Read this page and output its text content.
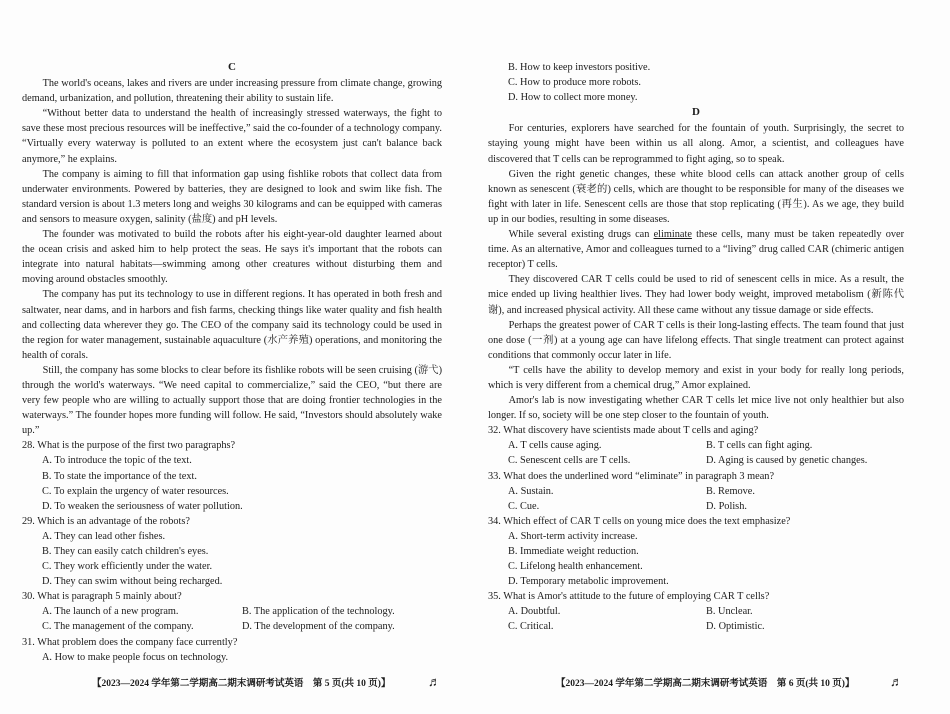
C

The world's oceans, lakes and rivers are under increasing pressure from climate change, growing demand, urbanization, and pollution, threatening their ability to sustain life.

“Without better data to understand the health of increasingly stressed waterways, the fight to save these most precious resources will be ineffective,” said the co-founder of a technology company. “Virtually every waterway is polluted to an extent where the ecosystem just can't balance back anymore,” he explains.

The company is aiming to fill that information gap using fishlike robots that collect data from underwater environments. Powered by batteries, they are designed to look and swim like fish. The standard version is about 1.3 meters long and weighs 30 kilograms and can be equipped with cameras and sensors to measure oxygen, salinity (盐度) and pH levels.

The founder was motivated to build the robots after his eight-year-old daughter learned about the ocean crisis and asked him to help protect the seas. He says it's important that the robots can integrate into natural habitats—swimming among other creatures without disturbing them and moving around obstacles smoothly.

The company has put its technology to use in different regions. It has operated in both fresh and saltwater, near dams, and in harbors and fish farms, checking things like water quality and fish health and collecting data wherever they go. The CEO of the company said its technology could be used in the region for water management, sustainable aquaculture (水产养殖) operations, and monitoring the health of corals.

Still, the company has some blocks to clear before its fishlike robots will be seen cruising (游弋) through the world's waterways. “We need capital to commercialize,” said the CEO, “but there are very few people who are willing to actually support those that are doing frontier technologies in the waterways.” The founder hopes more funding will follow. He said, “Investors should absolutely wake up.”

28. What is the purpose of the first two paragraphs?
A. To introduce the topic of the text.
B. To state the importance of the text.
C. To explain the urgency of water resources.
D. To weaken the seriousness of water pollution.
29. Which is an advantage of the robots?
A. They can lead other fishes.
B. They can easily catch children's eyes.
C. They work efficiently under the water.
D. They can swim without being recharged.
30. What is paragraph 5 mainly about?
A. The launch of a new program.	B. The application of the technology.
C. The management of the company.	D. The development of the company.
31. What problem does the company face currently?
A. How to make people focus on technology.
B. How to keep investors positive.
C. How to produce more robots.
D. How to collect more money.
D

For centuries, explorers have searched for the fountain of youth. Surprisingly, the secret to staying young might have been within us all along. Amor, a scientist, and colleagues have discovered that T cells can be reprogrammed to fight aging, so to speak.

Given the right genetic changes, these white blood cells can attack another group of cells known as senescent (衰老的) cells, which are thought to be responsible for many of the diseases we fight with later in life. Senescent cells are those that stop replicating (再生). As we age, they build up in our bodies, resulting in some diseases.

While several existing drugs can eliminate these cells, many must be taken repeatedly over time. As an alternative, Amor and colleagues turned to a “living” drug called CAR (chimeric antigen receptor) T cells.

They discovered CAR T cells could be used to rid of senescent cells in mice. As a result, the mice ended up living healthier lives. They had lower body weight, improved metabolism (新陈代谢), and increased physical activity. All these came without any tissue damage or side effects.

Perhaps the greatest power of CAR T cells is their long-lasting effects. The team found that just one dose (一剂) at a young age can have lifelong effects. That single treatment can protect against conditions that commonly occur later in life.

“T cells have the ability to develop memory and exist in your body for really long periods, which is very different from a chemical drug,” Amor explained.

Amor's lab is now investigating whether CAR T cells let mice live not only healthier but also longer. If so, society will be one step closer to the fountain of youth.

32. What discovery have scientists made about T cells and aging?
A. T cells cause aging.	B. T cells can fight aging.
C. Senescent cells are T cells.	D. Aging is caused by genetic changes.
33. What does the underlined word “eliminate” in paragraph 3 mean?
A. Sustain.	B. Remove.
C. Cue.	D. Polish.
34. Which effect of CAR T cells on young mice does the text emphasize?
A. Short-term activity increase.
B. Immediate weight reduction.
C. Lifelong health enhancement.
D. Temporary metabolic improvement.
35. What is Amor's attitude to the future of employing CAR T cells?
A. Doubtful.	B. Unclear.
C. Critical.	D. Optimistic.
【2023—2024 学年第二学期高二期末调研考试英语　第 5 页(共 10 页)】	♬	【2023—2024 学年第二学期高二期末调研考试英语　第 6 页(共 10 页)】	♬
